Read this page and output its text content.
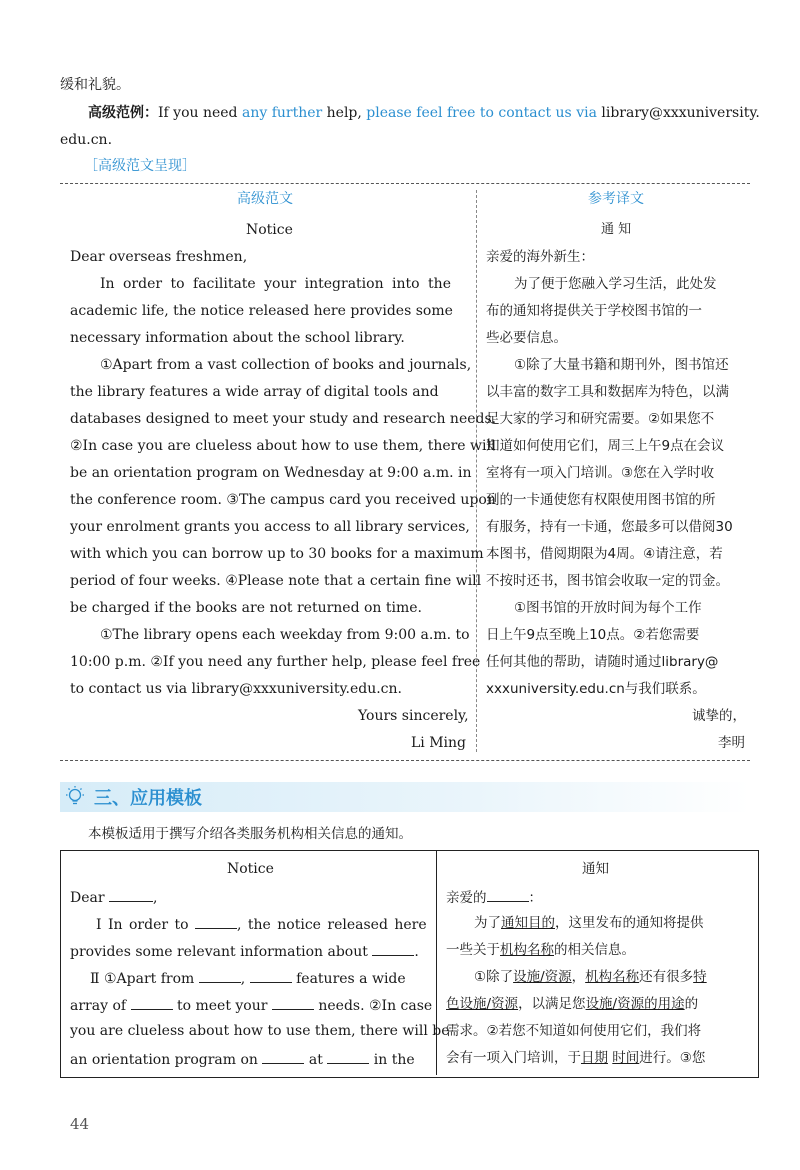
缓和礼貌。
高级范例：If you need any further help, please feel free to contact us via library@xxxuniversity.
edu.cn.
［高级范文呈现］
高级范文	参考译文
Notice	通 知
Dear overseas freshmen,
In order to facilitate your integration into the
academic life, the notice released here provides some
necessary information about the school library.
①Apart from a vast collection of books and journals,
the library features a wide array of digital tools and
databases designed to meet your study and research needs.
②In case you are clueless about how to use them, there will
be an orientation program on Wednesday at 9:00 a.m. in
the conference room. ③The campus card you received upon
your enrolment grants you access to all library services,
with which you can borrow up to 30 books for a maximum
period of four weeks. ④Please note that a certain fine will
be charged if the books are not returned on time.
①The library opens each weekday from 9:00 a.m. to
10:00 p.m. ②If you need any further help, please feel free
to contact us via library@xxxuniversity.edu.cn.
Yours sincerely,
Li Ming
亲爱的海外新生：
为了便于您融入学习生活，此处发
布的通知将提供关于学校图书馆的一
些必要信息。
①除了大量书籍和期刊外，图书馆还
以丰富的数字工具和数据库为特色，以满
足大家的学习和研究需要。②如果您不
知道如何使用它们，周三上午9点在会议
室将有一项入门培训。③您在入学时收
到的一卡通使您有权限使用图书馆的所
有服务，持有一卡通，您最多可以借阅30
本图书，借阅期限为4周。④请注意，若
不按时还书，图书馆会收取一定的罚金。
①图书馆的开放时间为每个工作
日上午9点至晚上10点。②若您需要
任何其他的帮助，请随时通过library@
xxxuniversity.edu.cn与我们联系。
诚挚的，
李明
三、应用模板
本模板适用于撰写介绍各类服务机构相关信息的通知。
Notice	通知
Dear	,
Ⅰ In order to	, the notice released here
provides some relevant information about	.
Ⅱ ①Apart from	,	features a wide
array of	to meet your	needs. ②In case
you are clueless about how to use them, there will be
an orientation program on	at	in the
亲爱的	：
为了通知目的，这里发布的通知将提供
一些关于机构名称的相关信息。
①除了设施/资源，机构名称还有很多特
色设施/资源，以满足您设施/资源的用途的
需求。②若您不知道如何使用它们，我们将
会有一项入门培训，于日期 时间进行。③您
44
